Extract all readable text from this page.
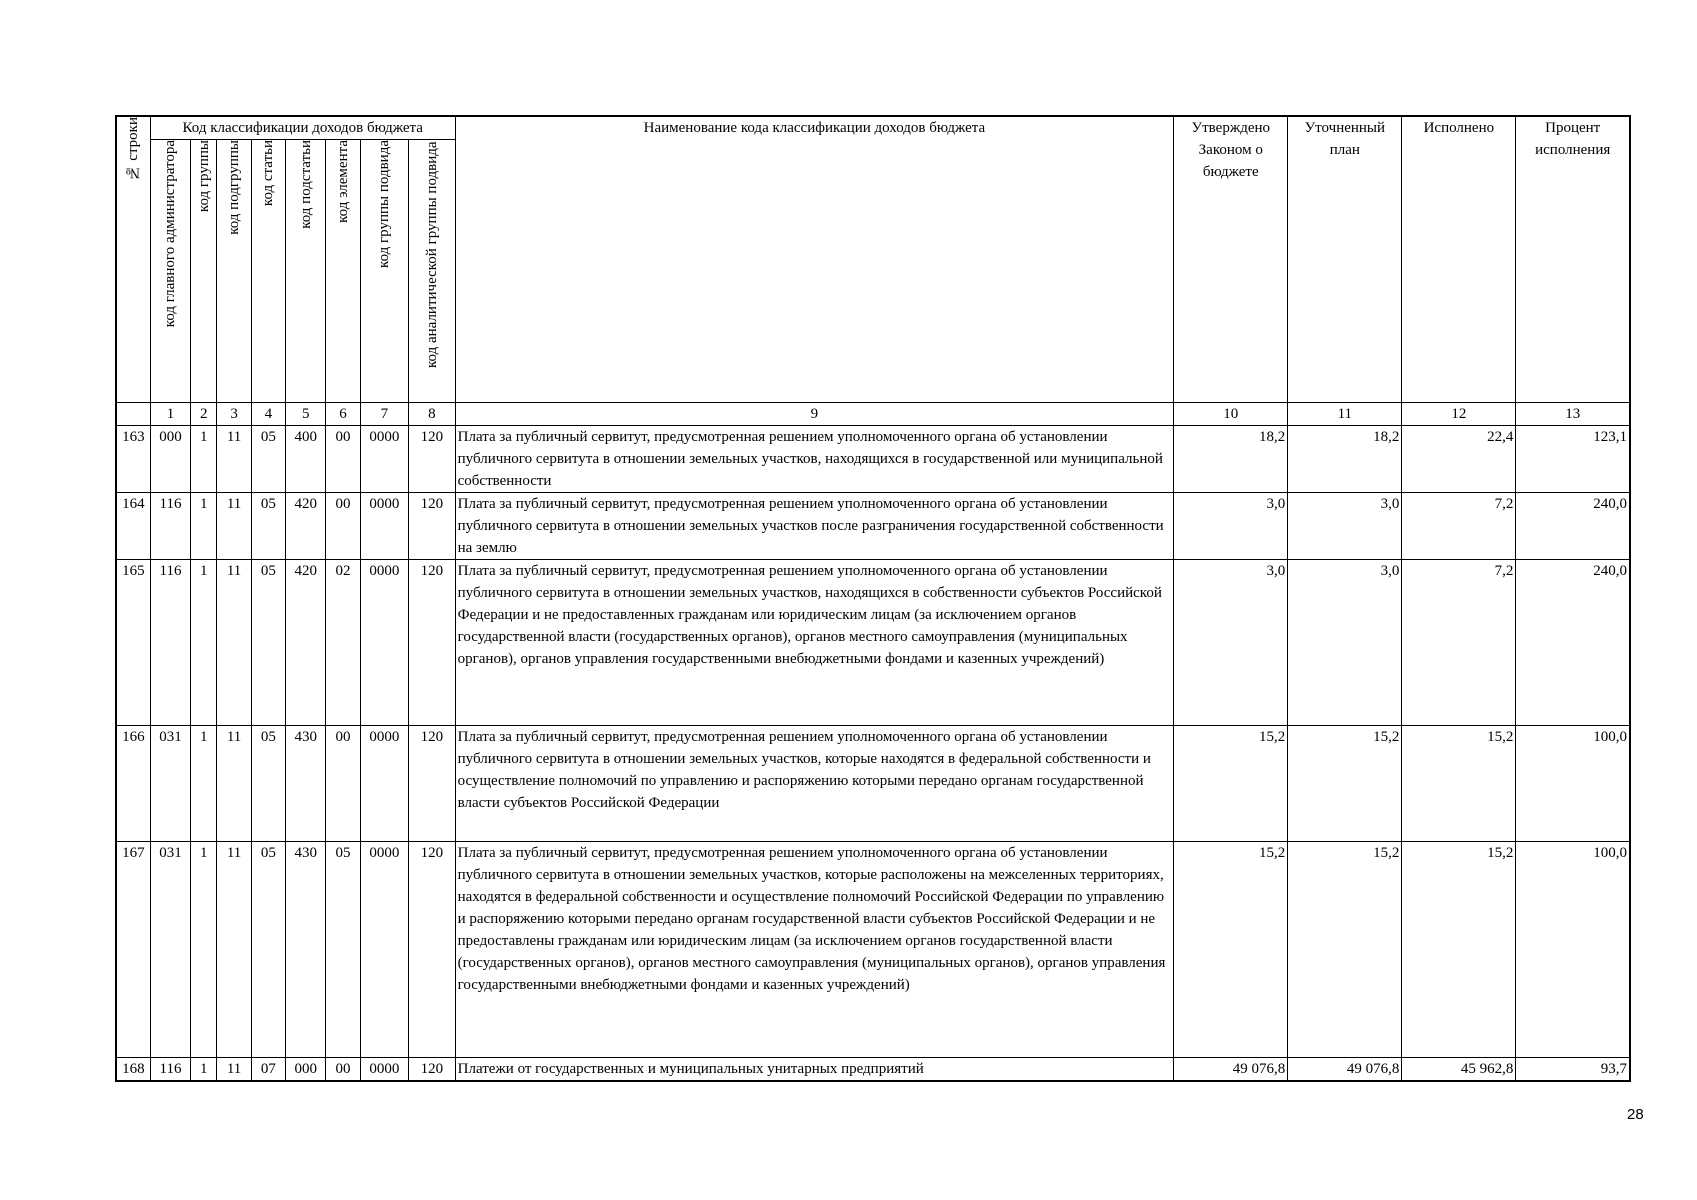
№ строки	Код классификации доходов бюджета								Наименование кода классификации доходов бюджета	Утверждено Законом о бюджете	Уточненный план	Исполнено	Процент исполнения
	код главного администратора	код группы	код подгруппы	код статьи	код подстатьи	код элемента	код группы подвида	код аналитической группы подвида					
	1	2	3	4	5	6	7	8	9	10	11	12	13
163	000	1	11	05	400	00	0000	120	Плата за публичный сервитут, предусмотренная решением уполномоченного органа об установлении публичного сервитута в отношении земельных участков, находящихся в государственной или муниципальной собственности	18,2	18,2	22,4	123,1
164	116	1	11	05	420	00	0000	120	Плата за публичный сервитут, предусмотренная решением уполномоченного органа об установлении публичного сервитута в отношении земельных участков после разграничения государственной собственности на землю	3,0	3,0	7,2	240,0
165	116	1	11	05	420	02	0000	120	Плата за публичный сервитут, предусмотренная решением уполномоченного органа об установлении публичного сервитута в отношении земельных участков, находящихся в собственности субъектов Российской Федерации и не предоставленных гражданам или юридическим лицам (за исключением органов государственной власти (государственных органов), органов местного самоуправления (муниципальных органов), органов управления государственными внебюджетными фондами и казенных учреждений)	3,0	3,0	7,2	240,0
166	031	1	11	05	430	00	0000	120	Плата за публичный сервитут, предусмотренная решением уполномоченного органа об установлении публичного сервитута в отношении земельных участков, которые находятся в федеральной собственности и осуществление полномочий по управлению и распоряжению которыми передано органам государственной власти субъектов Российской Федерации	15,2	15,2	15,2	100,0
167	031	1	11	05	430	05	0000	120	Плата за публичный сервитут, предусмотренная решением уполномоченного органа об установлении публичного сервитута в отношении земельных участков, которые расположены на межселенных территориях, находятся в федеральной собственности и осуществление полномочий Российской Федерации по управлению и распоряжению которыми передано органам государственной власти субъектов Российской Федерации и не предоставлены гражданам или юридическим лицам (за исключением органов государственной власти (государственных органов), органов местного самоуправления (муниципальных органов), органов управления государственными внебюджетными фондами и казенных учреждений)	15,2	15,2	15,2	100,0
168	116	1	11	07	000	00	0000	120	Платежи от государственных и муниципальных унитарных предприятий	49 076,8	49 076,8	45 962,8	93,7
28
